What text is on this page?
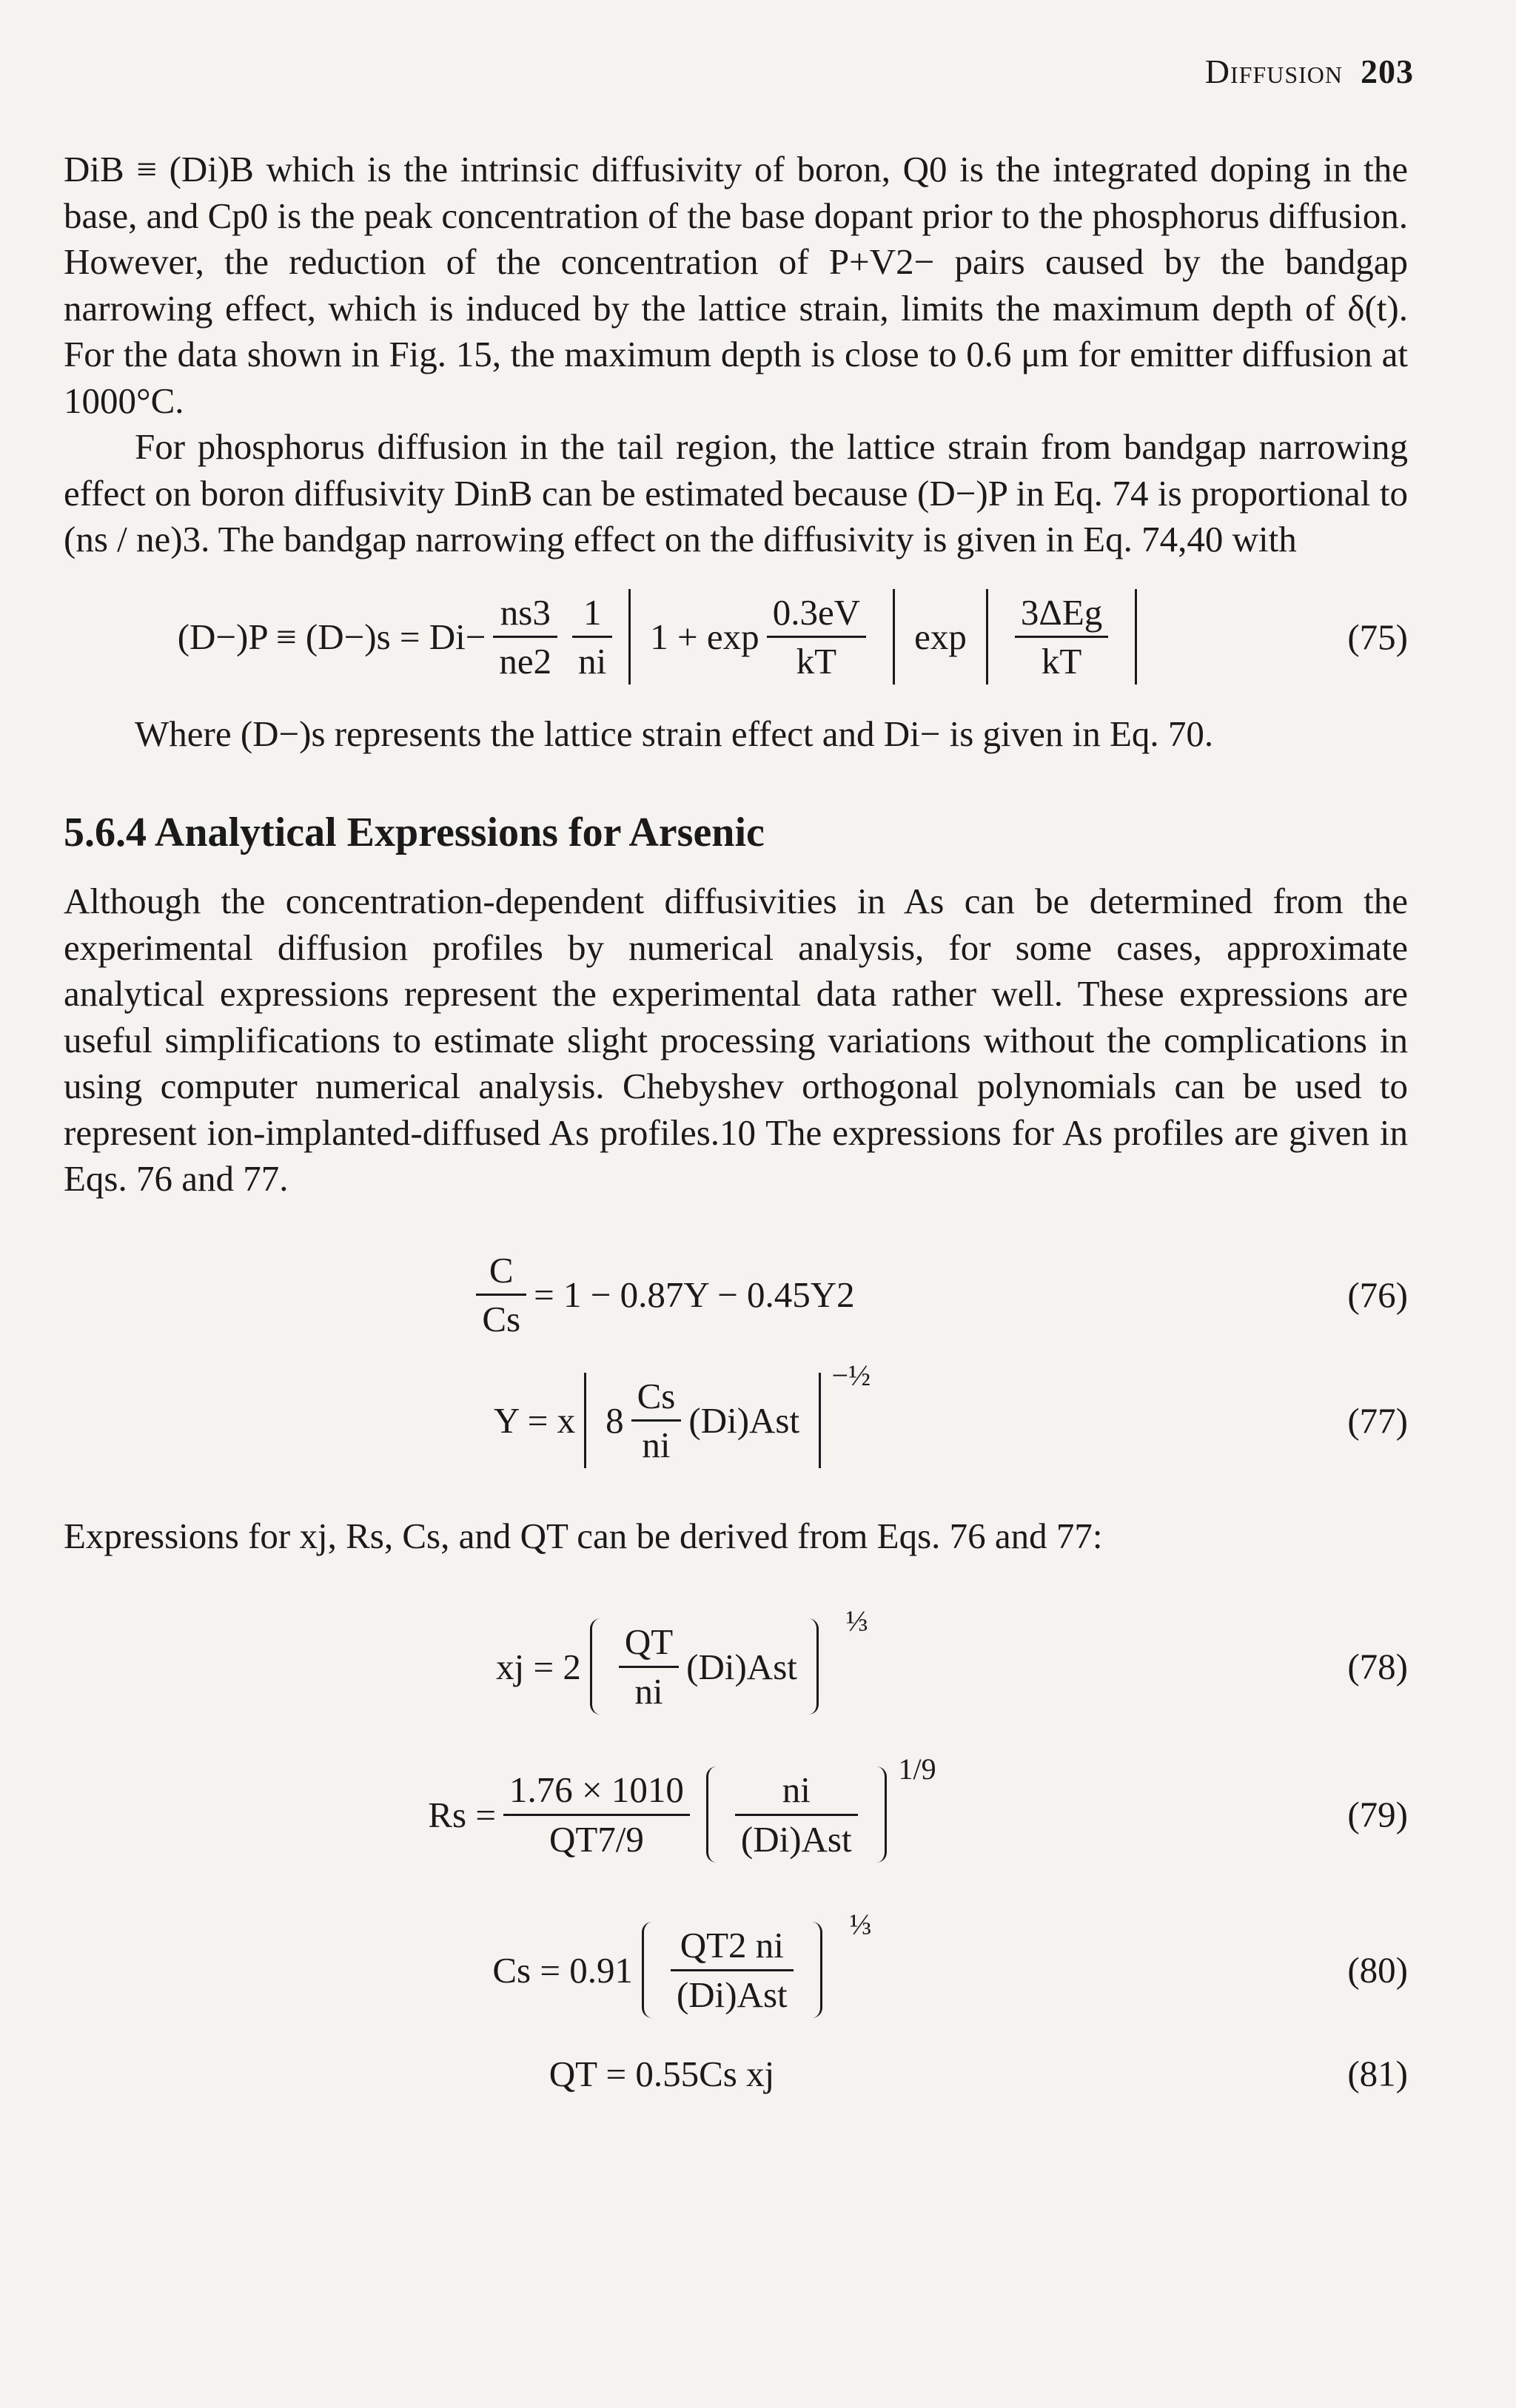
Diffusion 203

DiB ≡ (Di)B which is the intrinsic diffusivity of boron, Q0 is the integrated doping in the base, and Cp0 is the peak concentration of the base dopant prior to the phosphorus diffusion. However, the reduction of the concentration of P+V2− pairs caused by the bandgap narrowing effect, which is induced by the lattice strain, limits the maximum depth of δ(t). For the data shown in Fig. 15, the maximum depth is close to 0.6 μm for emitter diffusion at 1000°C.

For phosphorus diffusion in the tail region, the lattice strain from bandgap narrowing effect on boron diffusivity DinB can be estimated because (D−)P in Eq. 74 is proportional to (ns / ne)3. The bandgap narrowing effect on the diffusivity is given in Eq. 74,40 with

$(D-)P \equiv (D-)s = Di- \frac{ns3}{ne2} \frac{1}{ni} 1 + \exp \frac{0.3eV}{kT}$ $\exp \frac{\text{3ΔEg}}{kT}$	(75)

Where (D−)s represents the lattice strain effect and Di− is given in Eq. 70.

5.6.4 Analytical Expressions for Arsenic

Although the concentration-dependent diffusivities in As can be determined from the experimental diffusion profiles by numerical analysis, for some cases, approximate analytical expressions represent the experimental data rather well. These expressions are useful simplifications to estimate slight processing variations without the complications in using computer numerical analysis. Chebyshev orthogonal polynomials can be used to represent ion-implanted-diffused As profiles.10 The expressions for As profiles are given in Eqs. 76 and 77.

$\frac{C}{Cs} = 1 - 0.87Y - 0.45Y2$	(76)
Y = x $8 \frac{Cs}{ni} (Di)Ast$
−½
(77)

Expressions for xj, Rs, Cs, and QT can be derived from Eqs. 76 and 77:

xj = $2 \frac{QT}{ni} (Di)Ast$
⅓
(78)
$Rs = \frac{1.76 \times 1010}{QT7/9} \frac{ni}{\text{(Di)Ast}}$
1/9
(79)
$Cs = 0.91 \frac{QT2 ni}{\text{(Di)Ast}}$
⅓
(80)
QT = 0.55Cs xj	(81)
